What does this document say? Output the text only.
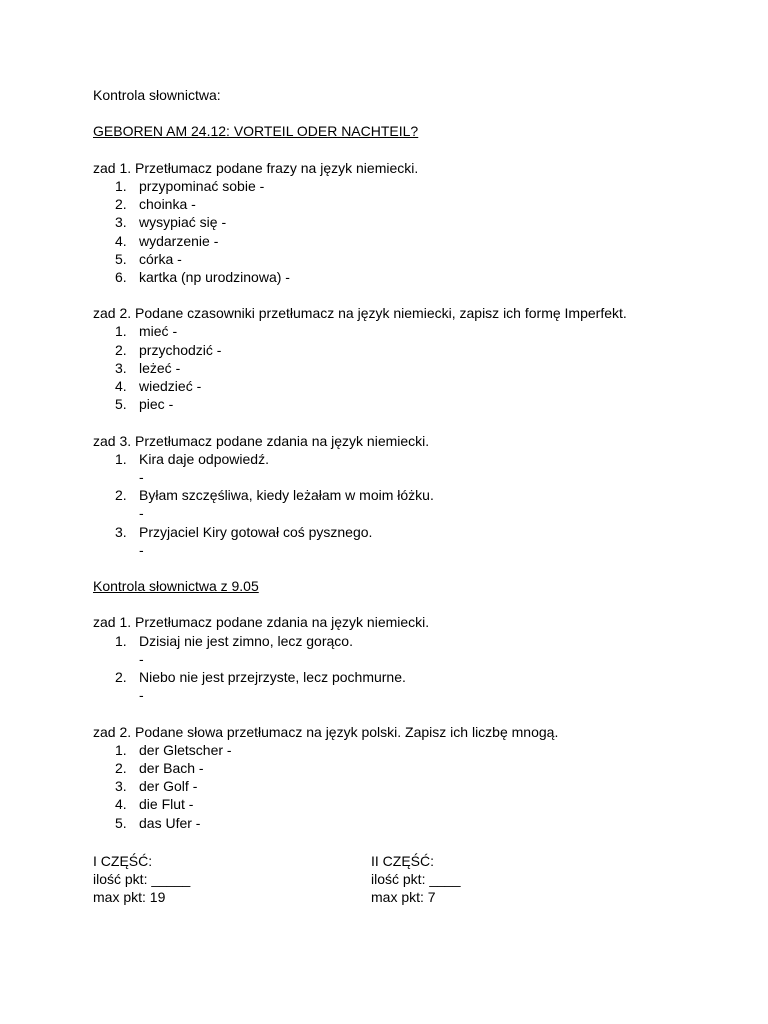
Kontrola słownictwa:
GEBOREN AM 24.12: VORTEIL ODER NACHTEIL?
zad 1. Przetłumacz podane frazy na język niemiecki.
1. przypominać sobie -
2. choinka -
3. wysypiać się -
4. wydarzenie -
5. córka -
6. kartka (np urodzinowa) -
zad 2. Podane czasowniki przetłumacz na język niemiecki, zapisz ich formę Imperfekt.
1. mieć -
2. przychodzić -
3. leżeć -
4. wiedzieć -
5. piec -
zad 3. Przetłumacz podane zdania na język niemiecki.
1. Kira daje odpowiedź.
-
2. Byłam szczęśliwa, kiedy leżałam w moim łóżku.
-
3. Przyjaciel Kiry gotował coś pysznego.
-
Kontrola słownictwa z 9.05
zad 1. Przetłumacz podane zdania na język niemiecki.
1. Dzisiaj nie jest zimno, lecz gorąco.
-
2. Niebo nie jest przejrzyste, lecz pochmurne.
-
zad 2. Podane słowa przetłumacz na język polski. Zapisz ich liczbę mnogą.
1. der Gletscher -
2. der Bach -
3. der Golf -
4. die Flut -
5. das Ufer -
I CZĘŚĆ:
ilość pkt: _____
max pkt: 19
II CZĘŚĆ:
ilość pkt: ____
max pkt: 7
